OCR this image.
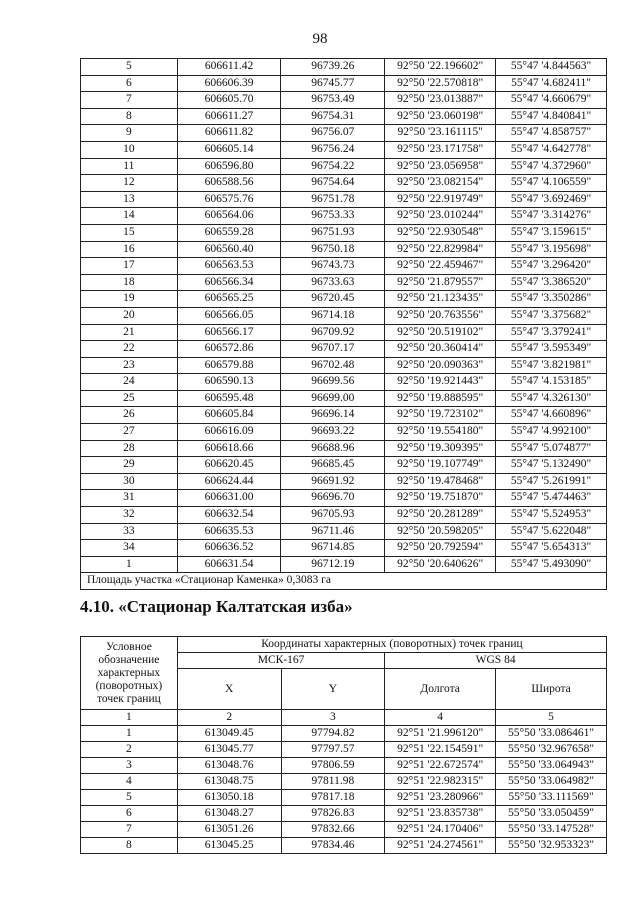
98
5	606611.42	96739.26	92°50 '22.196602"	55°47 '4.844563"
6	606606.39	96745.77	92°50 '22.570818"	55°47 '4.682411"
7	606605.70	96753.49	92°50 '23.013887"	55°47 '4.660679"
8	606611.27	96754.31	92°50 '23.060198"	55°47 '4.840841"
9	606611.82	96756.07	92°50 '23.161115"	55°47 '4.858757"
10	606605.14	96756.24	92°50 '23.171758"	55°47 '4.642778"
11	606596.80	96754.22	92°50 '23.056958"	55°47 '4.372960"
12	606588.56	96754.64	92°50 '23.082154"	55°47 '4.106559"
13	606575.76	96751.78	92°50 '22.919749"	55°47 '3.692469"
14	606564.06	96753.33	92°50 '23.010244"	55°47 '3.314276"
15	606559.28	96751.93	92°50 '22.930548"	55°47 '3.159615"
16	606560.40	96750.18	92°50 '22.829984"	55°47 '3.195698"
17	606563.53	96743.73	92°50 '22.459467"	55°47 '3.296420"
18	606566.34	96733.63	92°50 '21.879557"	55°47 '3.386520"
19	606565.25	96720.45	92°50 '21.123435"	55°47 '3.350286"
20	606566.05	96714.18	92°50 '20.763556"	55°47 '3.375682"
21	606566.17	96709.92	92°50 '20.519102"	55°47 '3.379241"
22	606572.86	96707.17	92°50 '20.360414"	55°47 '3.595349"
23	606579.88	96702.48	92°50 '20.090363"	55°47 '3.821981"
24	606590.13	96699.56	92°50 '19.921443"	55°47 '4.153185"
25	606595.48	96699.00	92°50 '19.888595"	55°47 '4.326130"
26	606605.84	96696.14	92°50 '19.723102"	55°47 '4.660896"
27	606616.09	96693.22	92°50 '19.554180"	55°47 '4.992100"
28	606618.66	96688.96	92°50 '19.309395"	55°47 '5.074877"
29	606620.45	96685.45	92°50 '19.107749"	55°47 '5.132490"
30	606624.44	96691.92	92°50 '19.478468"	55°47 '5.261991"
31	606631.00	96696.70	92°50 '19.751870"	55°47 '5.474463"
32	606632.54	96705.93	92°50 '20.281289"	55°47 '5.524953"
33	606635.53	96711.46	92°50 '20.598205"	55°47 '5.622048"
34	606636.52	96714.85	92°50 '20.792594"	55°47 '5.654313"
1	606631.54	96712.19	92°50 '20.640626"	55°47 '5.493090"
Площадь участка «Стационар Каменка» 0,3083 га				
4.10. «Стационар Калтатская изба»
Условное обозначение характерных (поворотных) точек границ	Координаты характерных (поворотных) точек границ			
	МСК-167		WGS 84	
	X	Y	Долгота	Широта
1	2	3	4	5
1	613049.45	97794.82	92°51 '21.996120"	55°50 '33.086461"
2	613045.77	97797.57	92°51 '22.154591"	55°50 '32.967658"
3	613048.76	97806.59	92°51 '22.672574"	55°50 '33.064943"
4	613048.75	97811.98	92°51 '22.982315"	55°50 '33.064982"
5	613050.18	97817.18	92°51 '23.280966"	55°50 '33.111569"
6	613048.27	97826.83	92°51 '23.835738"	55°50 '33.050459"
7	613051.26	97832.66	92°51 '24.170406"	55°50 '33.147528"
8	613045.25	97834.46	92°51 '24.274561"	55°50 '32.953323"
